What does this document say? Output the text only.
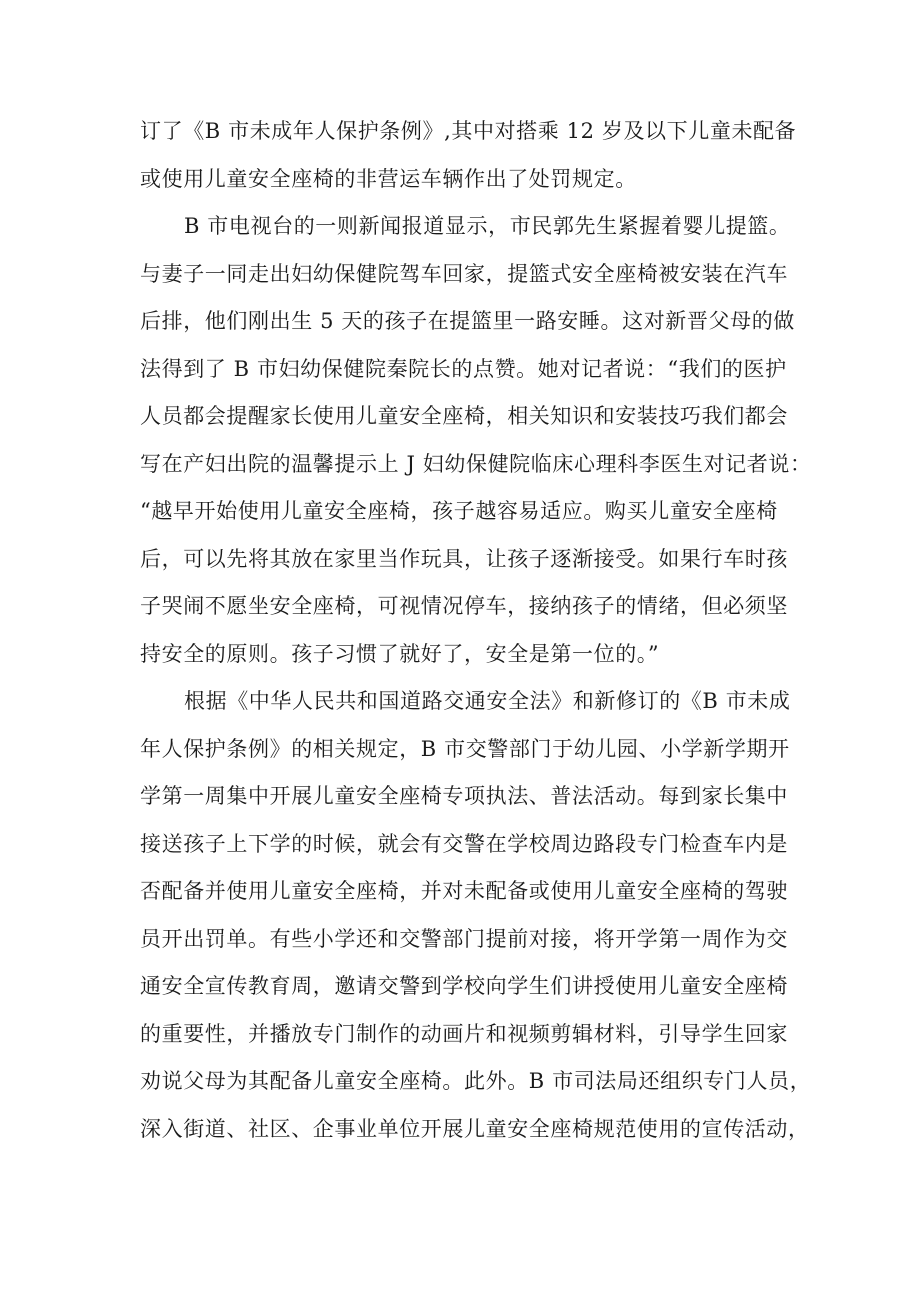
订了《B 市未成年人保护条例》,其中对搭乘 12 岁及以下儿童未配备
或使用儿童安全座椅的非营运车辆作出了处罚规定。
B 市电视台的一则新闻报道显示，市民郭先生紧握着婴儿提篮。
与妻子一同走出妇幼保健院驾车回家，提篮式安全座椅被安装在汽车
后排，他们刚出生 5 天的孩子在提篮里一路安睡。这对新晋父母的做
法得到了 B 市妇幼保健院秦院长的点赞。她对记者说：“我们的医护
人员都会提醒家长使用儿童安全座椅，相关知识和安装技巧我们都会
写在产妇出院的温馨提示上 J 妇幼保健院临床心理科李医生对记者说：
“越早开始使用儿童安全座椅，孩子越容易适应。购买儿童安全座椅
后，可以先将其放在家里当作玩具，让孩子逐渐接受。如果行车时孩
子哭闹不愿坐安全座椅，可视情况停车，接纳孩子的情绪，但必须坚
持安全的原则。孩子习惯了就好了，安全是第一位的。”
根据《中华人民共和国道路交通安全法》和新修订的《B 市未成
年人保护条例》的相关规定，B 市交警部门于幼儿园、小学新学期开
学第一周集中开展儿童安全座椅专项执法、普法活动。每到家长集中
接送孩子上下学的时候，就会有交警在学校周边路段专门检查车内是
否配备并使用儿童安全座椅，并对未配备或使用儿童安全座椅的驾驶
员开出罚单。有些小学还和交警部门提前对接，将开学第一周作为交
通安全宣传教育周，邀请交警到学校向学生们讲授使用儿童安全座椅
的重要性，并播放专门制作的动画片和视频剪辑材料，引导学生回家
劝说父母为其配备儿童安全座椅。此外。B 市司法局还组织专门人员，
深入街道、社区、企事业单位开展儿童安全座椅规范使用的宣传活动，
